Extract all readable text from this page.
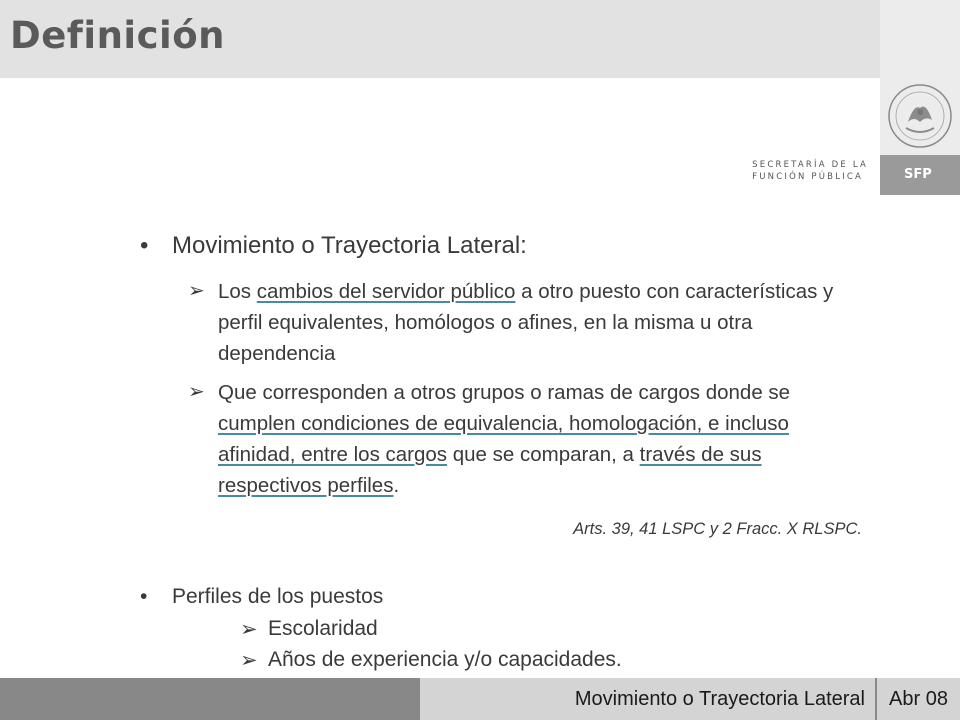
Definición
SFP
SECRETARÍA DE LA
FUNCIÓN PÚBLICA
• Movimiento o Trayectoria Lateral:
➢ Los cambios del servidor público a otro puesto con características y perfil equivalentes, homólogos o afines, en la misma u otra dependencia
➢ Que corresponden a otros grupos o ramas de cargos donde se cumplen condiciones de equivalencia, homologación, e incluso afinidad, entre los cargos que se comparan, a través de sus respectivos perfiles.
Arts. 39, 41 LSPC y 2 Fracc. X RLSPC.
• Perfiles de los puestos
➢ Escolaridad
➢ Años de experiencia y/o capacidades.
Movimiento o Trayectoria Lateral	Abr 08
